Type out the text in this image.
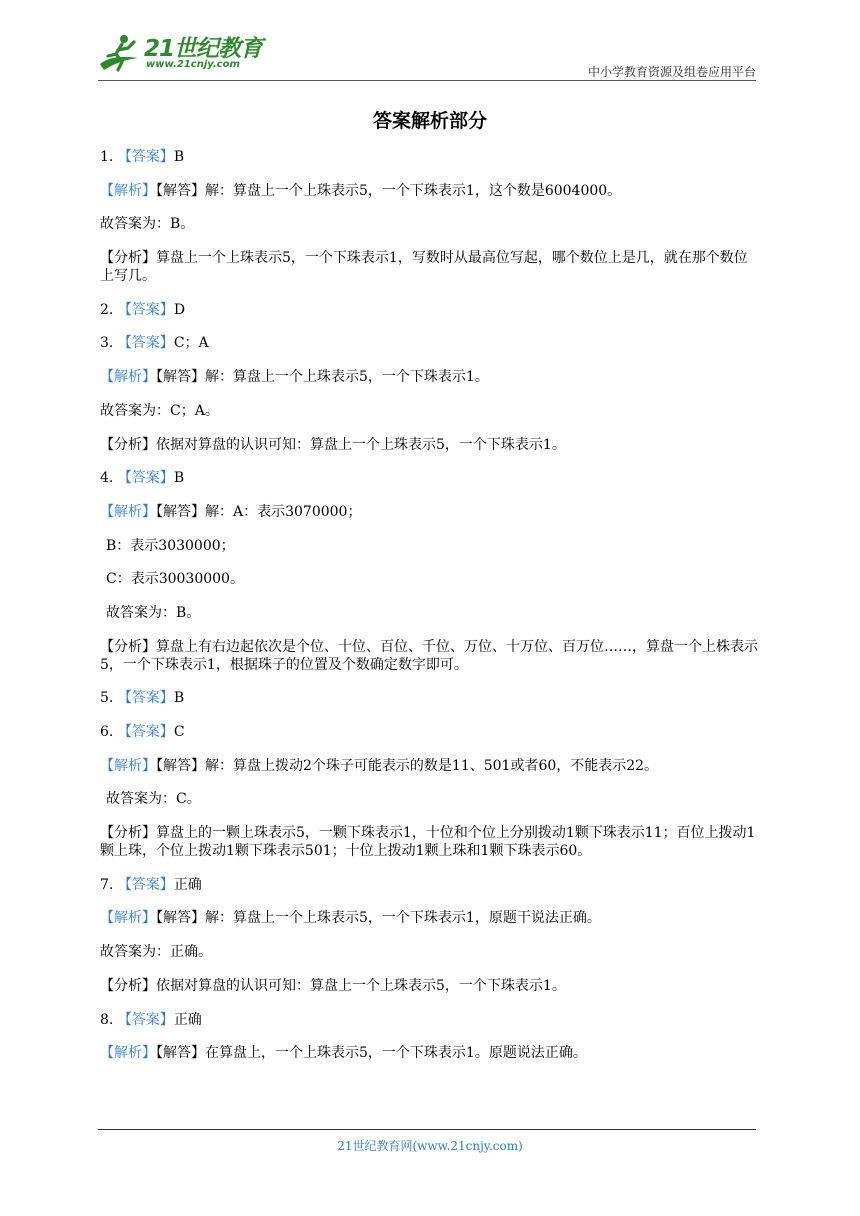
21世纪教育
www.21cnjy.com
中小学教育资源及组卷应用平台
答案解析部分
1. 【答案】B
【解析】【解答】解：算盘上一个上珠表示5，一个下珠表示1，这个数是6004000。
故答案为：B。
【分析】算盘上一个上珠表示5，一个下珠表示1，写数时从最高位写起，哪个数位上是几，就在那个数位上写几。
2. 【答案】D
3. 【答案】C；A
【解析】【解答】解：算盘上一个上珠表示5，一个下珠表示1。
故答案为：C；A。
【分析】依据对算盘的认识可知：算盘上一个上珠表示5，一个下珠表示1。
4. 【答案】B
【解析】【解答】解：A：表示3070000；
B：表示3030000；
C：表示30030000。
故答案为：B。
【分析】算盘上有右边起依次是个位、十位、百位、千位、万位、十万位、百万位……，算盘一个上株表示5，一个下珠表示1，根据珠子的位置及个数确定数字即可。
5. 【答案】B
6. 【答案】C
【解析】【解答】解：算盘上拨动2个珠子可能表示的数是11、501或者60，不能表示22。
故答案为：C。
【分析】算盘上的一颗上珠表示5，一颗下珠表示1，十位和个位上分别拨动1颗下珠表示11；百位上拨动1颗上珠，个位上拨动1颗下珠表示501；十位上拨动1颗上珠和1颗下珠表示60。
7. 【答案】正确
【解析】【解答】解：算盘上一个上珠表示5，一个下珠表示1，原题干说法正确。
故答案为：正确。
【分析】依据对算盘的认识可知：算盘上一个上珠表示5，一个下珠表示1。
8. 【答案】正确
【解析】【解答】在算盘上，一个上珠表示5，一个下珠表示1。原题说法正确。
21世纪教育网(www.21cnjy.com)
